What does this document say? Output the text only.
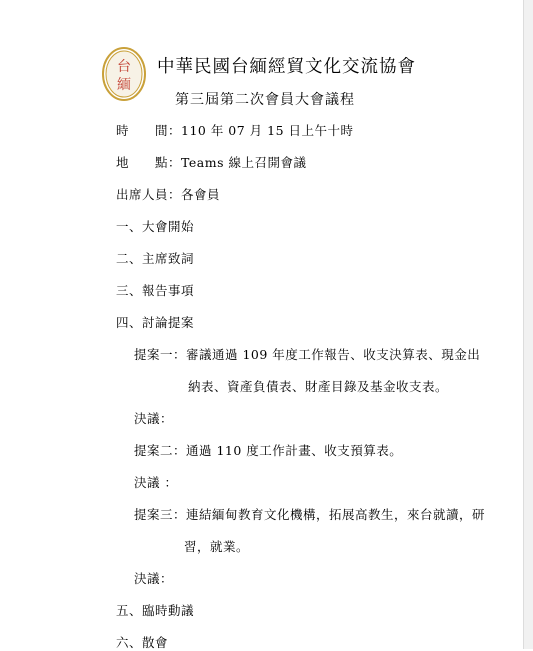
台
緬
中華民國台緬經貿文化交流協會
第三屆第二次會員大會議程
時　　間：110 年 07 月 15 日上午十時
地　　點：Teams 線上召開會議
出席人員：各會員
一、大會開始
二、主席致詞
三、報告事項
四、討論提案
提案一：審議通過 109 年度工作報告、收支決算表、現金出
納表、資產負債表、財產目錄及基金收支表。
決議：
提案二：通過 110 度工作計畫、收支預算表。
決議 ：
提案三：連結緬甸教育文化機構，拓展高教生，來台就讀，研
習，就業。
決議：
五、臨時動議
六、散會
